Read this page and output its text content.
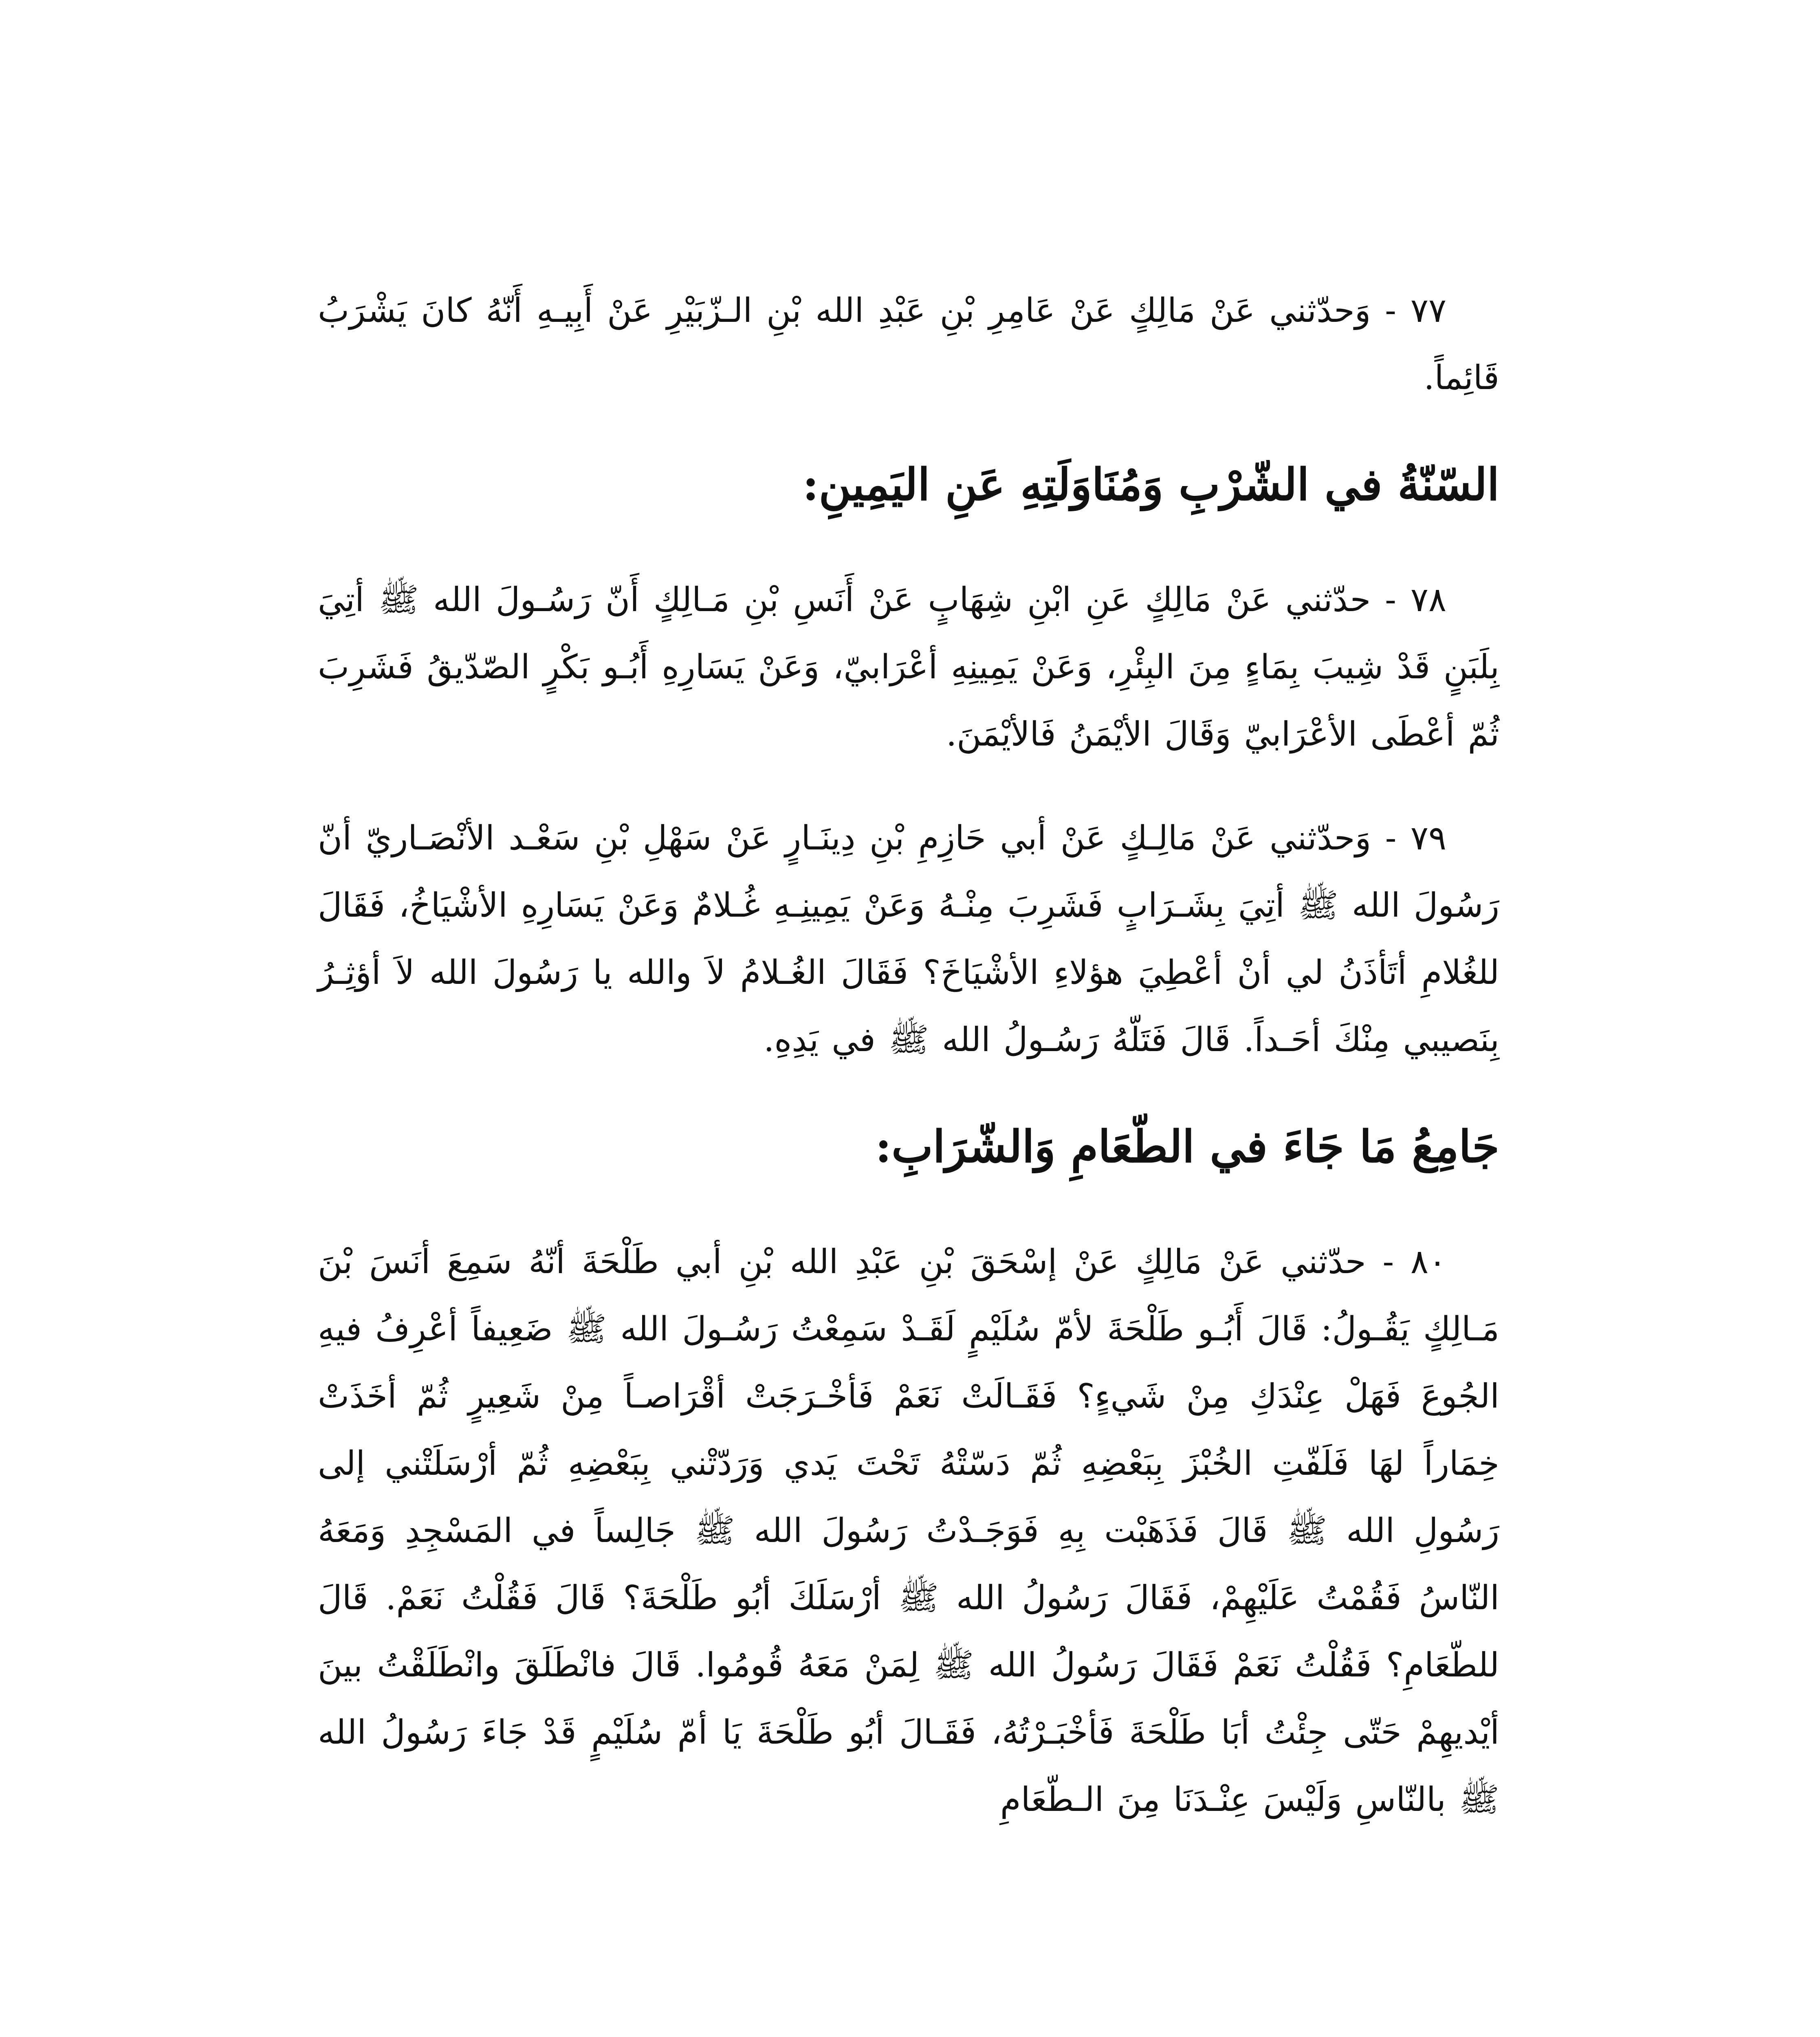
٧٧ - وَحدّثني عَنْ مَالِكٍ عَنْ عَامِرِ بْنِ عَبْدِ الله بْنِ الـزّبَيْرِ عَنْ أَبِيـهِ أَنّهُ كانَ يَشْرَبُ قَائِماً.

السّنّةُ في الشّرْبِ وَمُنَاوَلَتِهِ عَنِ اليَمِينِ:

٧٨ - حدّثني عَنْ مَالِكٍ عَنِ ابْنِ شِهَابٍ عَنْ أَنَسِ بْنِ مَـالِكٍ أَنّ رَسُـولَ الله ﷺ أتِيَ بِلَبَنٍ قَدْ شِيبَ بِمَاءٍ مِنَ البِئْرِ، وَعَنْ يَمِينِهِ أعْرَابيّ، وَعَنْ يَسَارِهِ أَبُـو بَكْرٍ الصّدّيقُ فَشَرِبَ ثُمّ أعْطَى الأعْرَابيّ وَقَالَ الأيْمَنُ فَالأيْمَنَ.

٧٩ - وَحدّثني عَنْ مَالِـكٍ عَنْ أبي حَازِمِ بْنِ دِينَـارٍ عَنْ سَهْلِ بْنِ سَعْـد الأنْصَـاريّ أنّ رَسُولَ الله ﷺ أتِيَ بِشَـرَابٍ فَشَرِبَ مِنْـهُ وَعَنْ يَمِينِـهِ غُـلامٌ وَعَنْ يَسَارِهِ الأشْيَاخُ، فَقَالَ للغُلامِ أتَأذَنُ لي أنْ أعْطِيَ هؤلاءِ الأشْيَاخَ؟ فَقَالَ الغُـلامُ لاَ والله يا رَسُولَ الله لاَ أؤثِـرُ بِنَصيبي مِنْكَ أحَـداً. قَالَ فَتَلّهُ رَسُـولُ الله ﷺ في يَدِهِ.

جَامِعُ مَا جَاءَ في الطّعَامِ وَالشّرَابِ:

٨٠ - حدّثني عَنْ مَالِكٍ عَنْ إسْحَقَ بْنِ عَبْدِ الله بْنِ أبي طَلْحَةَ أنّهُ سَمِعَ أنَسَ بْنَ مَـالِكٍ يَقُـولُ: قَالَ أَبُـو طَلْحَةَ لأمّ سُلَيْمٍ لَقَـدْ سَمِعْتُ رَسُـولَ الله ﷺ ضَعِيفاً أعْرِفُ فيهِ الجُوعَ فَهَلْ عِنْدَكِ مِنْ شَيءٍ؟ فَقَـالَتْ نَعَمْ فَأخْـرَجَتْ أقْرَاصـاً مِنْ شَعِيرٍ ثُمّ أخَذَتْ خِمَاراً لهَا فَلَفّتِ الخُبْزَ بِبَعْضِهِ ثُمّ دَسّتْهُ تَحْتَ يَدي وَرَدّتْني بِبَعْضِهِ ثُمّ أرْسَلَتْني إلى رَسُولِ الله ﷺ قَالَ فَذَهَبْت بِهِ فَوَجَـدْتُ رَسُولَ الله ﷺ جَالِساً في المَسْجِدِ وَمَعَهُ النّاسُ فَقُمْتُ عَلَيْهِمْ، فَقَالَ رَسُولُ الله ﷺ أرْسَلَكَ أبُو طَلْحَةَ؟ قَالَ فَقُلْتُ نَعَمْ. قَالَ للطّعَامِ؟ فَقُلْتُ نَعَمْ فَقَالَ رَسُولُ الله ﷺ لِمَنْ مَعَهُ قُومُوا. قَالَ فانْطَلَقَ وانْطَلَقْتُ بينَ أيْديهِمْ حَتّى جِئْتُ أبَا طَلْحَةَ فَأخْبَـرْتُهُ، فَقَـالَ أبُو طَلْحَةَ يَا أمّ سُلَيْمٍ قَدْ جَاءَ رَسُولُ الله ﷺ بالنّاسِ وَلَيْسَ عِنْـدَنَا مِنَ الـطّعَامِ
